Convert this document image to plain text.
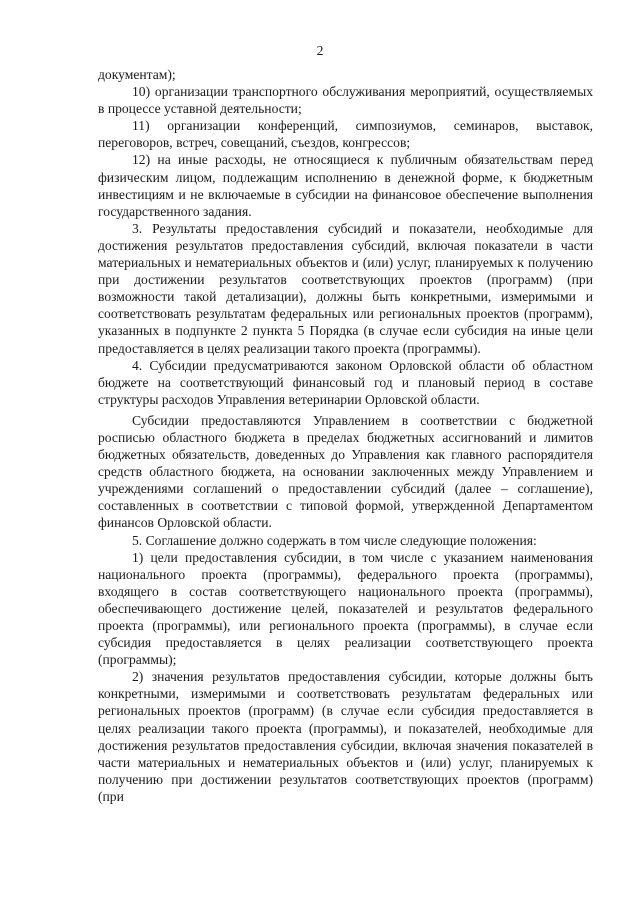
2

документам);

10) организации транспортного обслуживания мероприятий, осуществляемых в процессе уставной деятельности;

11) организации конференций, симпозиумов, семинаров, выставок, переговоров, встреч, совещаний, съездов, конгрессов;

12) на иные расходы, не относящиеся к публичным обязательствам перед физическим лицом, подлежащим исполнению в денежной форме, к бюджетным инвестициям и не включаемые в субсидии на финансовое обеспечение выполнения государственного задания.

3. Результаты предоставления субсидий и показатели, необходимые для достижения результатов предоставления субсидий, включая показатели в части материальных и нематериальных объектов и (или) услуг, планируемых к получению при достижении результатов соответствующих проектов (программ) (при возможности такой детализации), должны быть конкретными, измеримыми и соответствовать результатам федеральных или региональных проектов (программ), указанных в подпункте 2 пункта 5 Порядка (в случае если субсидия на иные цели предоставляется в целях реализации такого проекта (программы).

4. Субсидии предусматриваются законом Орловской области об областном бюджете на соответствующий финансовый год и плановый период в составе структуры расходов Управления ветеринарии Орловской области.

Субсидии предоставляются Управлением в соответствии с бюджетной росписью областного бюджета в пределах бюджетных ассигнований и лимитов бюджетных обязательств, доведенных до Управления как главного распорядителя средств областного бюджета, на основании заключенных между Управлением и учреждениями соглашений о предоставлении субсидий (далее – соглашение), составленных в соответствии с типовой формой, утвержденной Департаментом финансов Орловской области.

5. Соглашение должно содержать в том числе следующие положения:

1) цели предоставления субсидии, в том числе с указанием наименования национального проекта (программы), федерального проекта (программы), входящего в состав соответствующего национального проекта (программы), обеспечивающего достижение целей, показателей и результатов федерального проекта (программы), или регионального проекта (программы), в случае если субсидия предоставляется в целях реализации соответствующего проекта (программы);

2) значения результатов предоставления субсидии, которые должны быть конкретными, измеримыми и соответствовать результатам федеральных или региональных проектов (программ) (в случае если субсидия предоставляется в целях реализации такого проекта (программы), и показателей, необходимые для достижения результатов предоставления субсидии, включая значения показателей в части материальных и нематериальных объектов и (или) услуг, планируемых к получению при достижении результатов соответствующих проектов (программ) (при
